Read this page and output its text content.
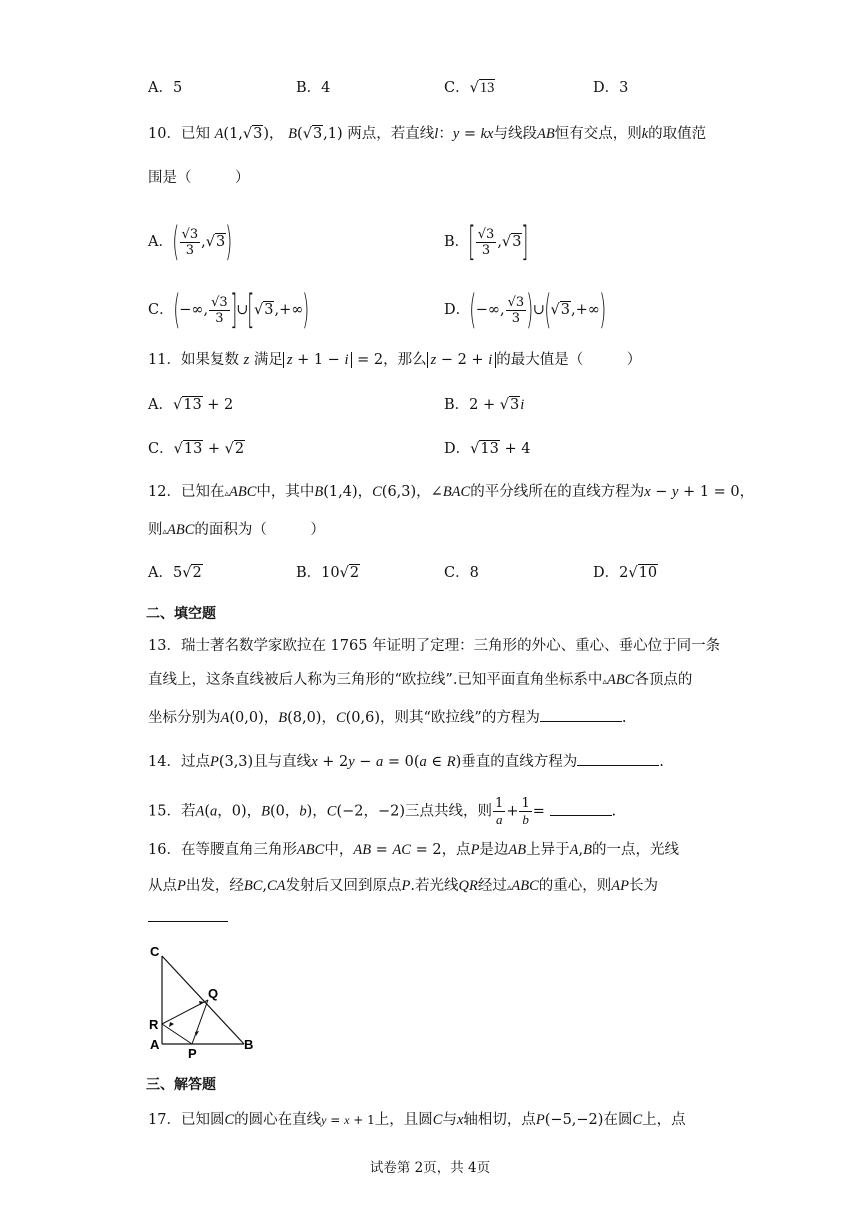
A．5	B．4	C．√13	D．3
10．已知 A(1,√3)， B(√3,1) 两点，若直线l：y = kx与线段AB恒有交点，则k的取值范
围是（　　　）
A．( $\frac{√3}{3} ,√3$)	B．[ $\frac{√3}{3} ,√3$]
C．(−∞, $\frac{√3}{3}$ ]∪[√3,+∞)	D．(−∞, $\frac{√3}{3}$ )∪(√3,+∞)
11．如果复数 z 满足 z + 1 − i = 2，那么 z − 2 + i 的最大值是（　　　）
A．√13 + 2	B．2 + √3i
C．√13 + √2	D．√13 + 4
12．已知在▵ABC中，其中B(1,4)，C(6,3)，∠BAC的平分线所在的直线方程为x − y + 1 = 0，
则▵ABC的面积为（　　　）
A．5√2	B．10√2	C．8	D．2√10
二、填空题
13．瑞士著名数学家欧拉在 1765 年证明了定理：三角形的外心、重心、垂心位于同一条
直线上，这条直线被后人称为三角形的“欧拉线”.已知平面直角坐标系中▵ABC各顶点的
坐标分别为A(0,0)，B(8,0)，C(0,6)，则其“欧拉线”的方程为	.
14．过点P(3,3)且与直线x + 2y − a = 0(a ∈ R)垂直的直线方程为	.
15．若A(a，0)，B(0，b)，C(−2，−2)三点共线，则 $\frac{1}{a} + \frac{1}{b}$ =	.
16．在等腰直角三角形ABC中，AB = AC = 2，点P是边AB上异于A,B的一点，光线
从点P出发，经BC,CA发射后又回到原点P.若光线QR经过▵ABC的重心，则AP长为
C
Q
R
A
P
B
三、解答题
17．已知圆C的圆心在直线y = x + 1上，且圆C与x轴相切，点P(−5,−2)在圆C上，点
试卷第 2页，共 4页
